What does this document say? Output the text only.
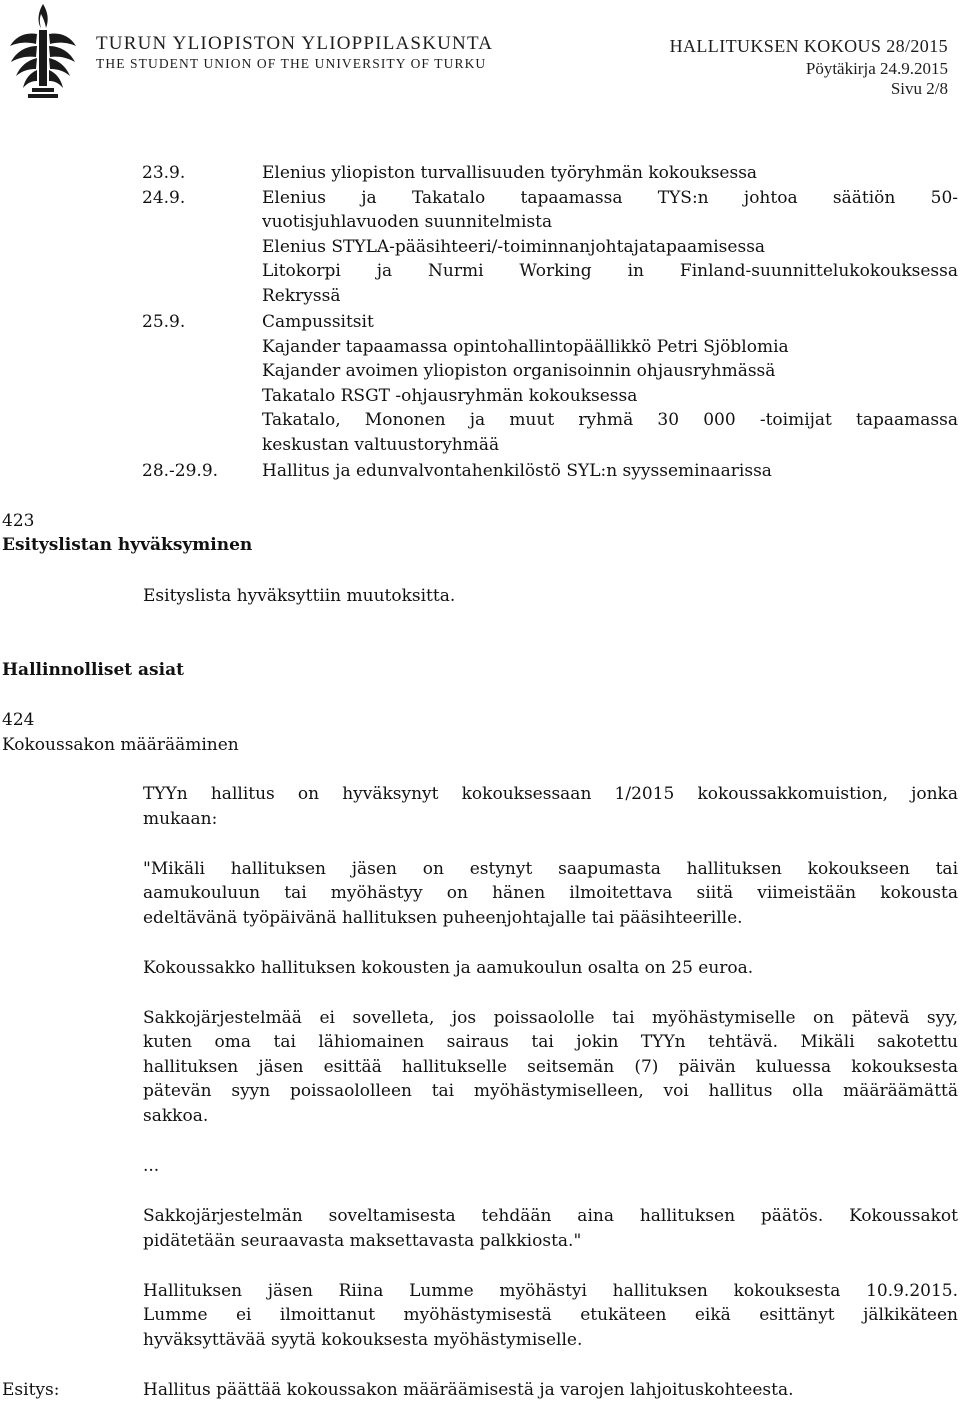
TURUN YLIOPISTON YLIOPPILASKUNTA
THE STUDENT UNION OF THE UNIVERSITY OF TURKU
HALLITUKSEN KOKOUS 28/2015
Pöytäkirja 24.9.2015
Sivu 2/8
23.9.	Elenius yliopiston turvallisuuden työryhmän kokouksessa
24.9.	Elenius ja Takatalo tapaamassa TYS:n johtoa säätiön 50-
vuotisjuhlavuoden suunnitelmista
Elenius STYLA-pääsihteeri/-toiminnanjohtajatapaamisessa
Litokorpi ja Nurmi Working in Finland-suunnittelukokouksessa
Rekryssä
25.9.	Campussitsit
Kajander tapaamassa opintohallintopäällikkö Petri Sjöblomia
Kajander avoimen yliopiston organisoinnin ohjausryhmässä
Takatalo RSGT -ohjausryhmän kokouksessa
Takatalo, Mononen ja muut ryhmä 30 000 -toimijat tapaamassa
keskustan valtuustoryhmää
28.-29.9.	Hallitus ja edunvalvontahenkilöstö SYL:n syysseminaarissa
423
Esityslistan hyväksyminen
Esityslista hyväksyttiin muutoksitta.
Hallinnolliset asiat
424
Kokoussakon määrääminen
TYYn hallitus on hyväksynyt kokouksessaan 1/2015 kokoussakkomuistion, jonka
mukaan:
"Mikäli hallituksen jäsen on estynyt saapumasta hallituksen kokoukseen tai
aamukouluun tai myöhästyy on hänen ilmoitettava siitä viimeistään kokousta
edeltävänä työpäivänä hallituksen puheenjohtajalle tai pääsihteerille.
Kokoussakko hallituksen kokousten ja aamukoulun osalta on 25 euroa.
Sakkojärjestelmää ei sovelleta, jos poissaololle tai myöhästymiselle on pätevä syy,
kuten oma tai lähiomainen sairaus tai jokin TYYn tehtävä. Mikäli sakotettu
hallituksen jäsen esittää hallitukselle seitsemän (7) päivän kuluessa kokouksesta
pätevän syyn poissaololleen tai myöhästymiselleen, voi hallitus olla määräämättä
sakkoa.
...
Sakkojärjestelmän soveltamisesta tehdään aina hallituksen päätös. Kokoussakot
pidätetään seuraavasta maksettavasta palkkiosta."
Hallituksen jäsen Riina Lumme myöhästyi hallituksen kokouksesta 10.9.2015.
Lumme ei ilmoittanut myöhästymisestä etukäteen eikä esittänyt jälkikäteen
hyväksyttävää syytä kokouksesta myöhästymiselle.
Esitys:	Hallitus päättää kokoussakon määräämisestä ja varojen lahjoituskohteesta.
